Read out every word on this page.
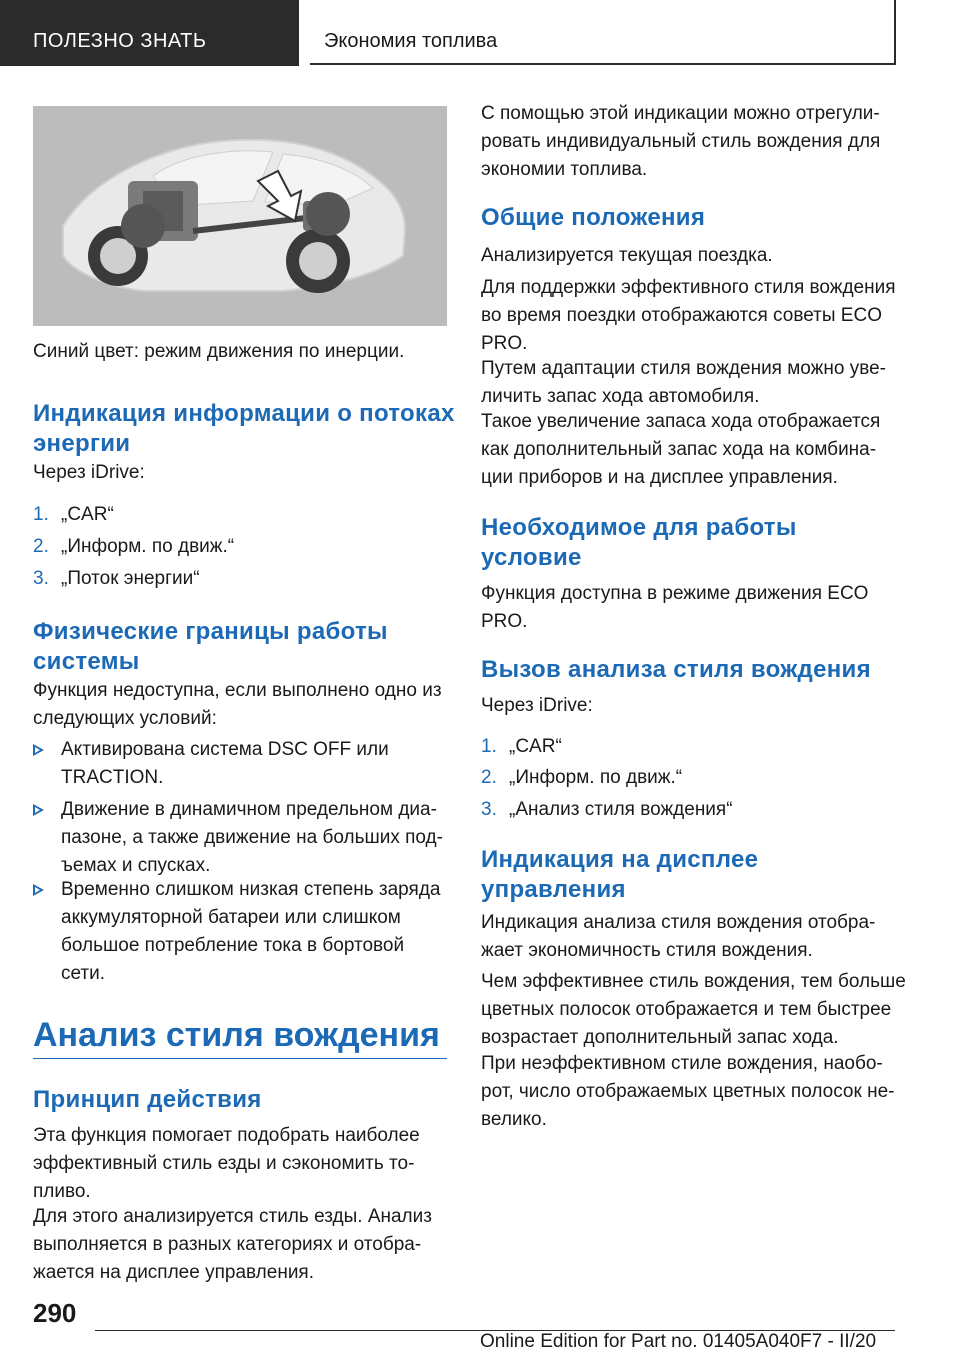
ПОЛЕЗНО ЗНАТЬ	Экономия топлива

Синий цвет: режим движения по инерции.

Индикация информации о потоках
энергии

Через iDrive:

1. „CAR“
2. „Информ. по движ.“
3. „Поток энергии“
Физические границы работы
системы
Функция недоступна, если выполнено одно из
следующих условий:
Активирована система DSC OFF или
TRACTION.
Движение в динамичном предельном диа-
пазоне, а также движение на больших под-
ъемах и спусках.
Временно слишком низкая степень заряда
аккумуляторной батареи или слишком
большое потребление тока в бортовой
сети.
Анализ стиля вождения
Принцип действия
Эта функция помогает подобрать наиболее
эффективный стиль езды и сэкономить то-
пливо.
Для этого анализируется стиль езды. Анализ
выполняется в разных категориях и отобра-
жается на дисплее управления.
С помощью этой индикации можно отрегули-
ровать индивидуальный стиль вождения для
экономии топлива.
Общие положения

Анализируется текущая поездка.

Для поддержки эффективного стиля вождения
во время поездки отображаются советы ECO
PRO.
Путем адаптации стиля вождения можно уве-
личить запас хода автомобиля.
Такое увеличение запаса хода отображается
как дополнительный запас хода на комбина-
ции приборов и на дисплее управления.
Необходимое для работы
условие
Функция доступна в режиме движения ECO
PRO.
Вызов анализа стиля вождения

Через iDrive:

1. „CAR“
2. „Информ. по движ.“
3. „Анализ стиля вождения“
Индикация на дисплее
управления
Индикация анализа стиля вождения отобра-
жает экономичность стиля вождения.
Чем эффективнее стиль вождения, тем больше
цветных полосок отображается и тем быстрее
возрастает дополнительный запас хода.
При неэффективном стиле вождения, наобо-
рот, число отображаемых цветных полосок не-
велико.
290
Online Edition for Part no. 01405A040F7 - II/20
